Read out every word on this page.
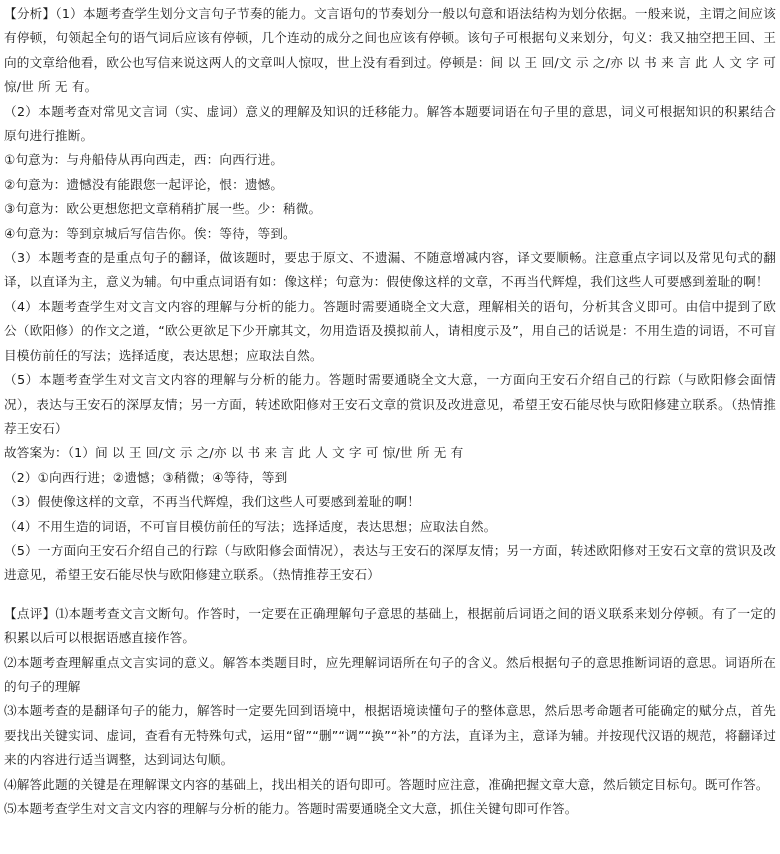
【分析】（1）本题考查学生划分文言句子节奏的能力。文言语句的节奏划分一般以句意和语法结构为划分依据。一般来说，主谓之间应该有停顿，句领起全句的语气词后应该有停顿，几个连动的成分之间也应该有停顿。该句子可根据句义来划分，句义：我又抽空把王回、王向的文章给他看，欧公也写信来说这两人的文章叫人惊叹，世上没有看到过。停顿是：间 以 王 回/文 示 之/亦 以 书 来 言 此 人 文 字 可 惊/世 所 无 有。

（2）本题考查对常见文言词（实、虚词）意义的理解及知识的迁移能力。解答本题要词语在句子里的意思，词义可根据知识的积累结合原句进行推断。

①句意为：与舟船侍从再向西走，西：向西行进。

②句意为：遗憾没有能跟您一起评论，恨：遗憾。

③句意为：欧公更想您把文章稍稍扩展一些。少：稍微。

④句意为：等到京城后写信告你。俟：等待，等到。

（3）本题考查的是重点句子的翻译，做该题时，要忠于原文、不遗漏、不随意增减内容，译文要顺畅。注意重点字词以及常见句式的翻译，以直译为主，意义为辅。句中重点词语有如：像这样；句意为：假使像这样的文章，不再当代辉煌，我们这些人可要感到羞耻的啊！

（4）本题考查学生对文言文内容的理解与分析的能力。答题时需要通晓全文大意，理解相关的语句，分析其含义即可。由信中提到了欧公（欧阳修）的作文之道，“欧公更欲足下少开廓其文，勿用造语及摸拟前人，请相度示及”，用自己的话说是：不用生造的词语，不可盲目模仿前任的写法；选择适度，表达思想；应取法自然。

（5）本题考查学生对文言文内容的理解与分析的能力。答题时需要通晓全文大意，一方面向王安石介绍自己的行踪（与欧阳修会面情况），表达与王安石的深厚友情；另一方面，转述欧阳修对王安石文章的赏识及改进意见，希望王安石能尽快与欧阳修建立联系。（热情推荐王安石）

故答案为：（1）间 以 王 回/文 示 之/亦 以 书 来 言 此 人 文 字 可 惊/世 所 无 有

（2）①向西行进；②遗憾；③稍微；④等待，等到

（3）假使像这样的文章，不再当代辉煌，我们这些人可要感到羞耻的啊！

（4）不用生造的词语，不可盲目模仿前任的写法；选择适度，表达思想；应取法自然。

（5）一方面向王安石介绍自己的行踪（与欧阳修会面情况），表达与王安石的深厚友情；另一方面，转述欧阳修对王安石文章的赏识及改进意见，希望王安石能尽快与欧阳修建立联系。（热情推荐王安石）

【点评】⑴本题考查文言文断句。作答时，一定要在正确理解句子意思的基础上，根据前后词语之间的语义联系来划分停顿。有了一定的积累以后可以根据语感直接作答。

⑵本题考查理解重点文言实词的意义。解答本类题目时，应先理解词语所在句子的含义。然后根据句子的意思推断词语的意思。词语所在的句子的理解

⑶本题考查的是翻译句子的能力，解答时一定要先回到语境中，根据语境读懂句子的整体意思，然后思考命题者可能确定的赋分点，首先要找出关键实词、虚词，查看有无特殊句式，运用“留”“删”“调”“换”“补”的方法，直译为主，意译为辅。并按现代汉语的规范，将翻译过来的内容进行适当调整，达到词达句顺。

⑷解答此题的关键是在理解课文内容的基础上，找出相关的语句即可。答题时应注意，准确把握文章大意，然后锁定目标句。既可作答。

⑸本题考查学生对文言文内容的理解与分析的能力。答题时需要通晓全文大意，抓住关键句即可作答。
